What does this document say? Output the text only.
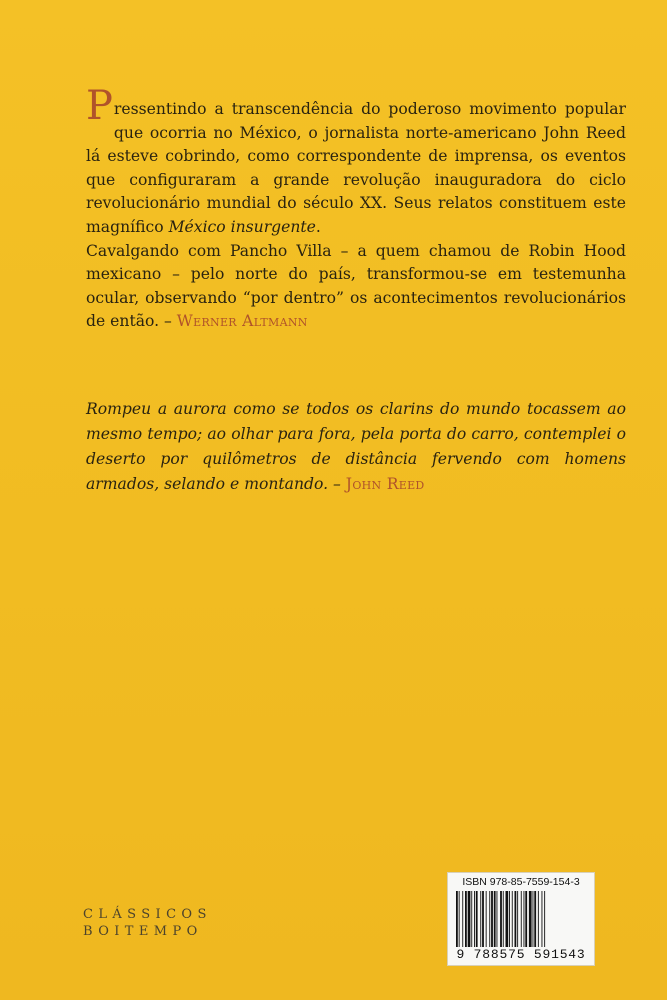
Pressentindo a transcendência do poderoso movimento popular que ocorria no México, o jornalista norte-americano John Reed lá esteve cobrindo, como correspondente de imprensa, os eventos que configuraram a grande revolução inauguradora do ciclo revolucionário mundial do século XX. Seus relatos constituem este magnífico México insurgente.
Cavalgando com Pancho Villa – a quem chamou de Robin Hood mexicano – pelo norte do país, transformou-se em testemunha ocular, observando “por dentro” os acontecimentos revolucionários de então. – Werner Altmann
Rompeu a aurora como se todos os clarins do mundo tocassem ao mesmo tempo; ao olhar para fora, pela porta do carro, contemplei o deserto por quilômetros de distância fervendo com homens armados, selando e montando. – John Reed
CLÁSSICOS
BOITEMPO
ISBN 978-85-7559-154-3
9 788575 591543
